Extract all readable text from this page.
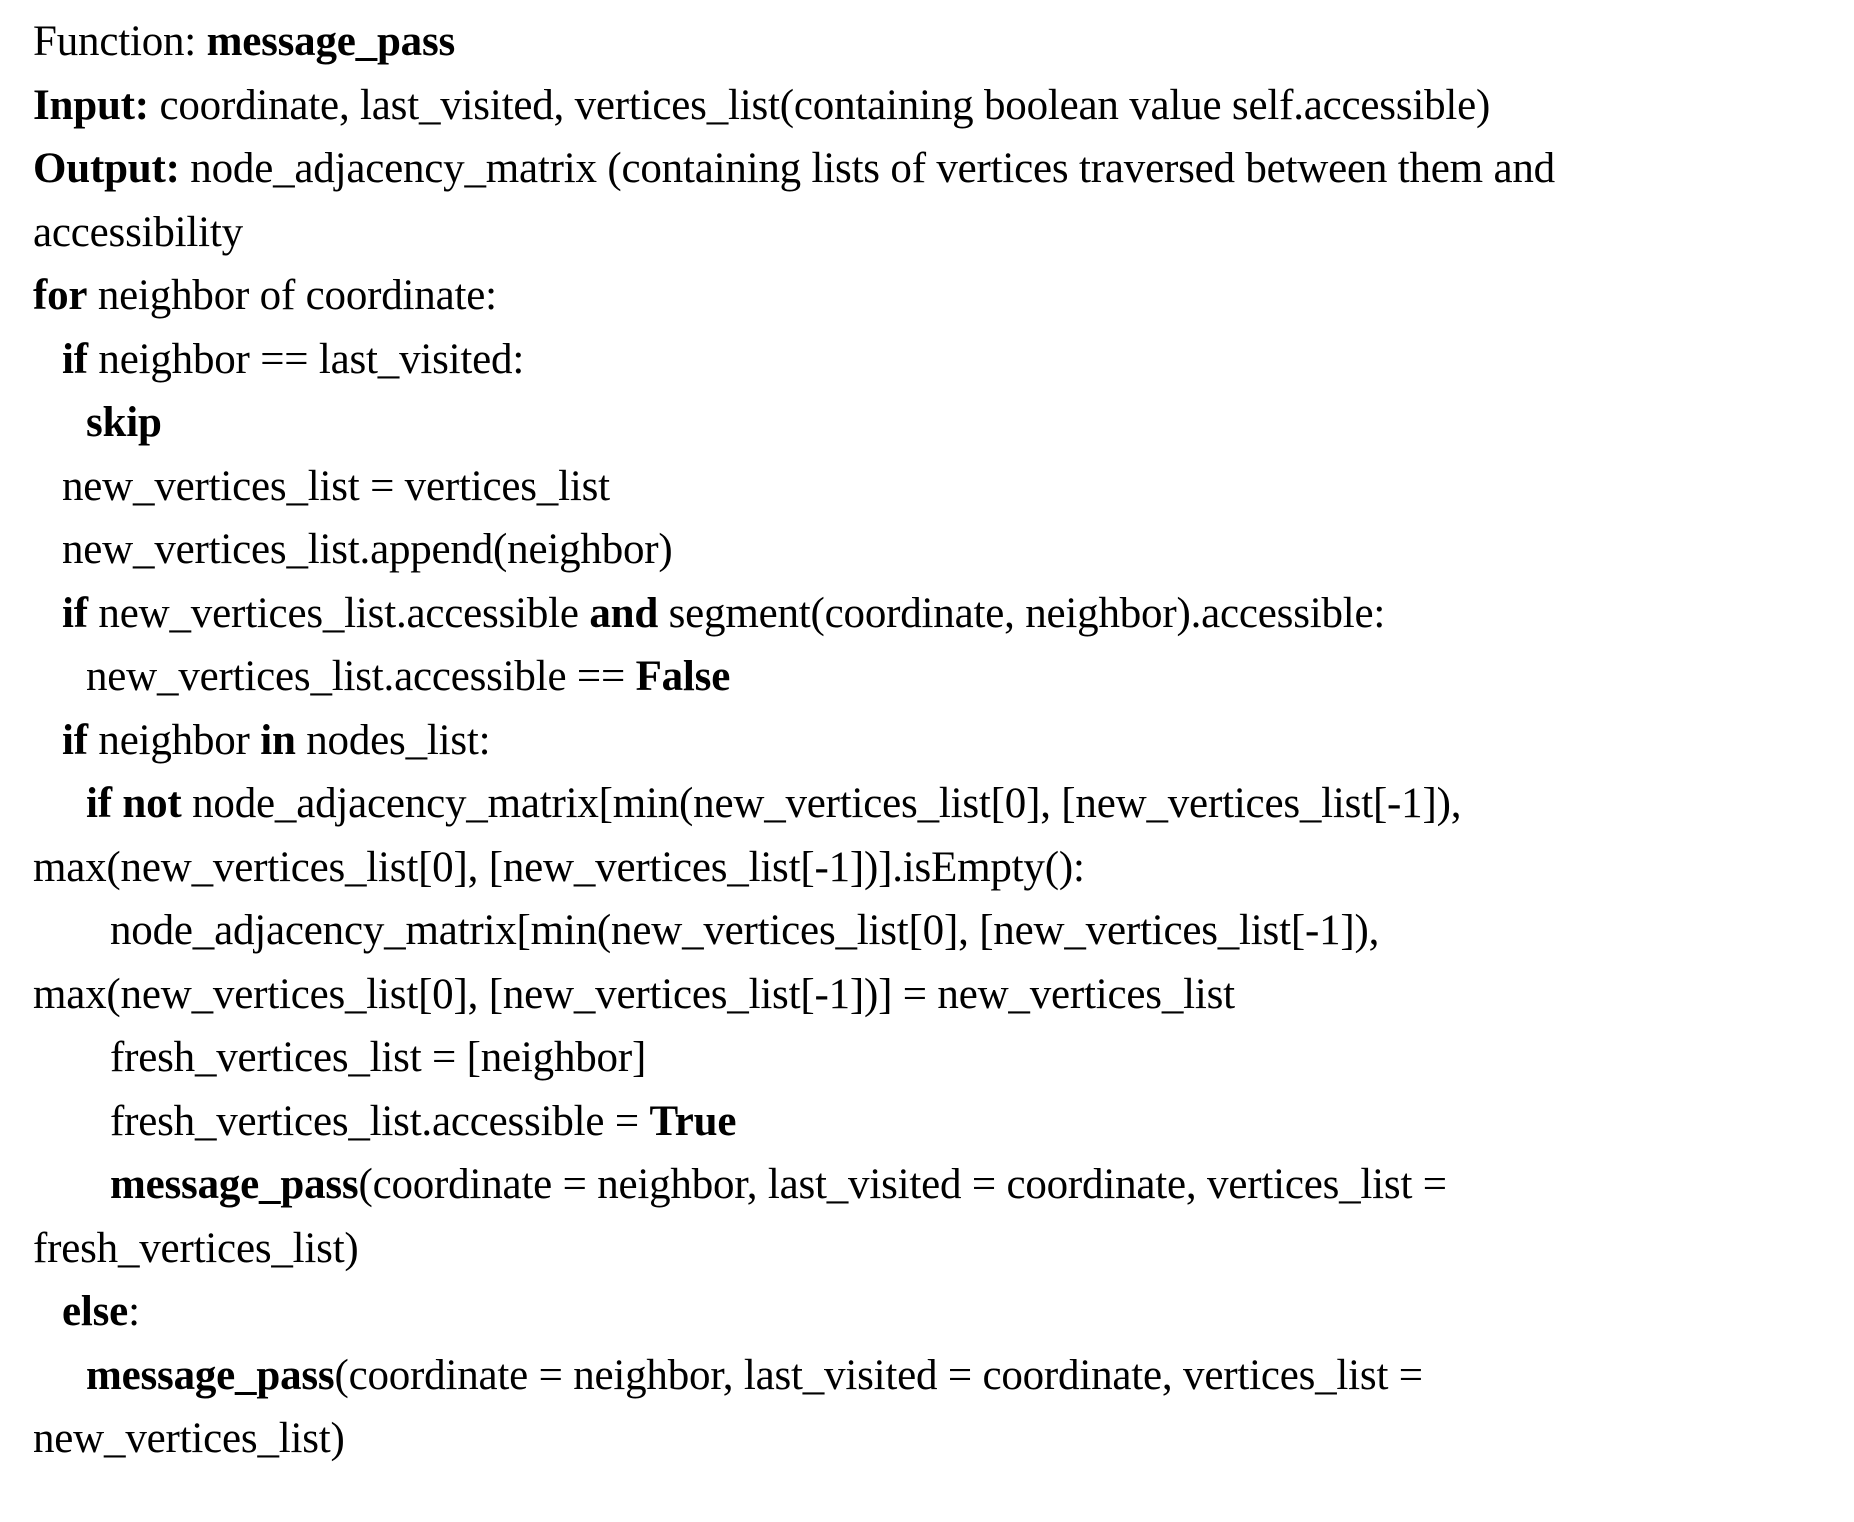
Function: message_pass
Input: coordinate, last_visited, vertices_list(containing boolean value self.accessible)
Output: node_adjacency_matrix (containing lists of vertices traversed between them and
accessibility
for neighbor of coordinate:
if neighbor == last_visited:
skip
new_vertices_list = vertices_list
new_vertices_list.append(neighbor)
if new_vertices_list.accessible and segment(coordinate, neighbor).accessible:
new_vertices_list.accessible == False
if neighbor in nodes_list:
if not node_adjacency_matrix[min(new_vertices_list[0], [new_vertices_list[-1]),
max(new_vertices_list[0], [new_vertices_list[-1])].isEmpty():
node_adjacency_matrix[min(new_vertices_list[0], [new_vertices_list[-1]),
max(new_vertices_list[0], [new_vertices_list[-1])] = new_vertices_list
fresh_vertices_list = [neighbor]
fresh_vertices_list.accessible = True
message_pass(coordinate = neighbor, last_visited = coordinate, vertices_list =
fresh_vertices_list)
else:
message_pass(coordinate = neighbor, last_visited = coordinate, vertices_list =
new_vertices_list)
